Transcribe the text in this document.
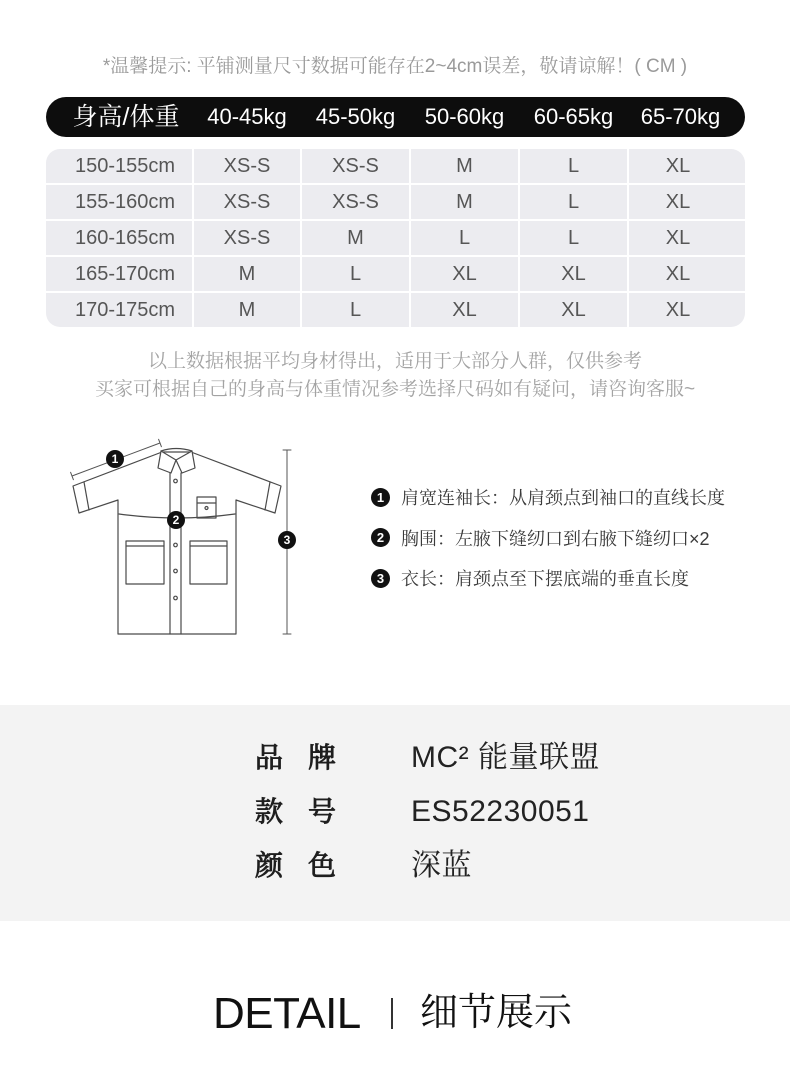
*温馨提示: 平铺测量尺寸数据可能存在2~4cm误差，敬请谅解！( CM )
身高/体重	40-45kg	45-50kg	50-60kg	60-65kg	65-70kg
150-155cm	XS-S	XS-S	M	L	XL
155-160cm	XS-S	XS-S	M	L	XL
160-165cm	XS-S	M	L	L	XL
165-170cm	M	L	XL	XL	XL
170-175cm	M	L	XL	XL	XL
以上数据根据平均身材得出，适用于大部分人群，仅供参考
买家可根据自己的身高与体重情况参考选择尺码如有疑问，请咨询客服~
1
2
3
1 肩宽连袖长：从肩颈点到袖口的直线长度
2 胸围：左腋下缝纫口到右腋下缝纫口×2
3 衣长：肩颈点至下摆底端的垂直长度
品 牌	MC² 能量联盟
款 号	ES52230051
颜 色	深蓝
DETAIL 细节展示
